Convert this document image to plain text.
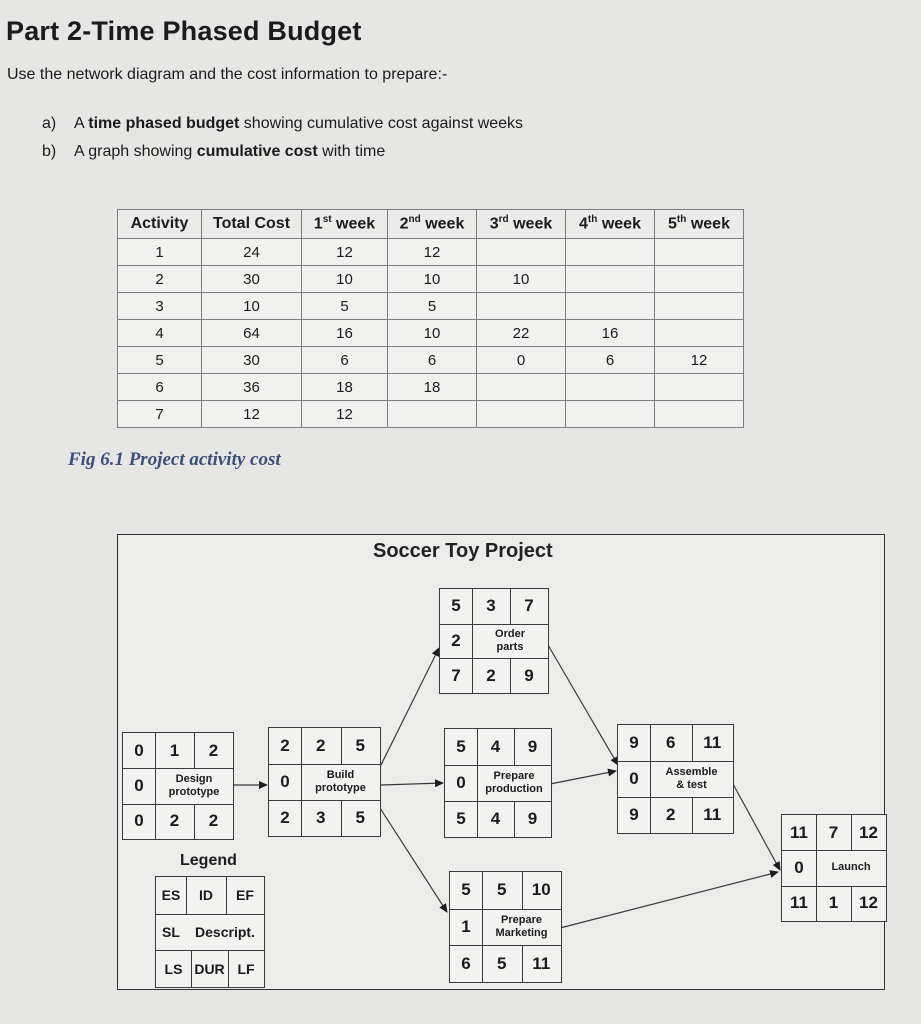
Part 2-Time Phased Budget
Use the network diagram and the cost information to prepare:-
a) A time phased budget showing cumulative cost against weeks
b) A graph showing cumulative cost with time
Activity	Total Cost	1st week	2nd week	3rd week	4th week	5th week
1	24	12	12			
2	30	10	10	10		
3	10	5	5			
4	64	16	10	22	16	
5	30	6	6	0	6	12
6	36	18	18			
7	12	12				
Fig 6.1 Project activity cost
Soccer Toy Project
0	1	2
0	Design
prototype
0	2	2
2	2	5
0	Build
prototype
2	3	5
5	3	7
2	Order
parts
7	2	9
5	4	9
0	Prepare
production
5	4	9
5	5	10
1	Prepare
Marketing
6	5	11
9	6	11
0	Assemble
& test
9	2	11
11	7	12
0	Launch
11	1	12
ES	ID	EF
SL	Descript.
LS DUR LF
Legend
